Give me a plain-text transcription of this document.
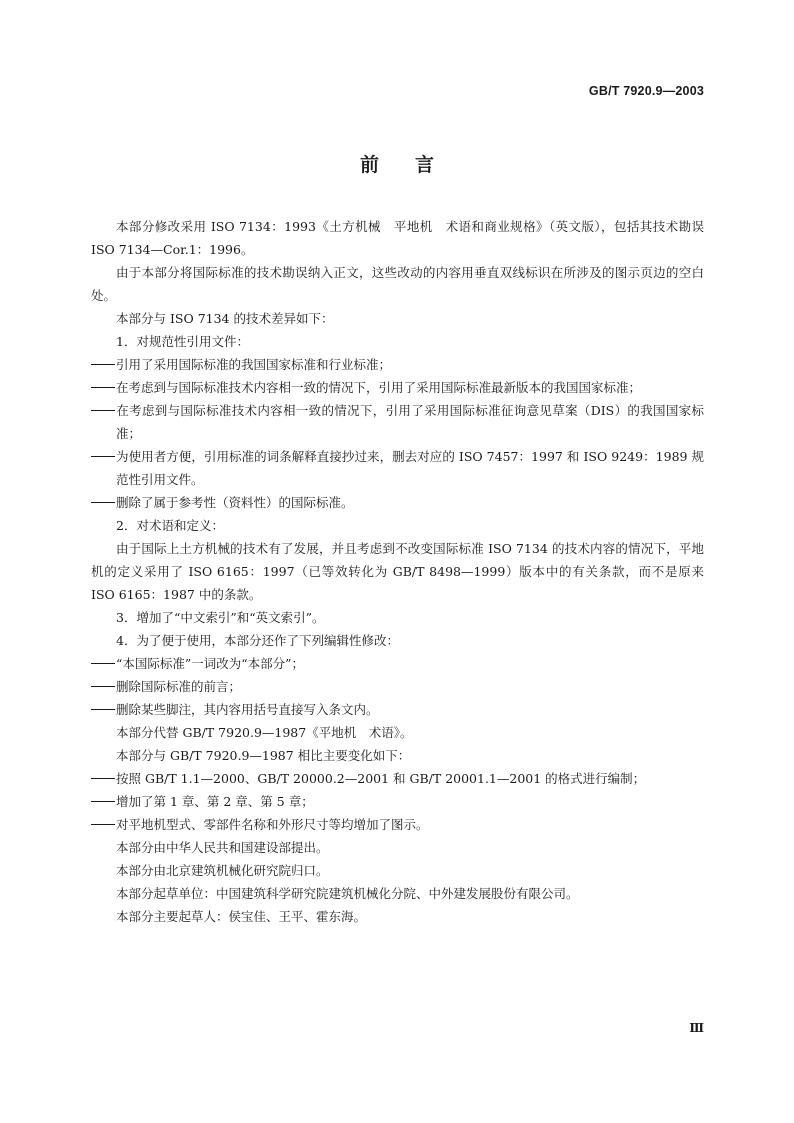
GB/T 7920.9—2003
前言

本部分修改采用 ISO 7134：1993《土方机械　平地机　术语和商业规格》（英文版），包括其技术勘误 ISO 7134—Cor.1：1996。

由于本部分将国际标准的技术勘误纳入正文，这些改动的内容用垂直双线标识在所涉及的图示页边的空白处。

本部分与 ISO 7134 的技术差异如下：

1．对规范性引用文件：

引用了采用国际标准的我国国家标准和行业标准；

在考虑到与国际标准技术内容相一致的情况下，引用了采用国际标准最新版本的我国国家标准；

在考虑到与国际标准技术内容相一致的情况下，引用了采用国际标准征询意见草案（DIS）的我国国家标准；

为使用者方便，引用标准的词条解释直接抄过来，删去对应的 ISO 7457：1997 和 ISO 9249：1989 规范性引用文件。

删除了属于参考性（资料性）的国际标准。

2．对术语和定义：

由于国际上土方机械的技术有了发展，并且考虑到不改变国际标准 ISO 7134 的技术内容的情况下，平地机的定义采用了 ISO 6165：1997（已等效转化为 GB/T 8498—1999）版本中的有关条款，而不是原来 ISO 6165：1987 中的条款。

3．增加了“中文索引”和“英文索引”。

4．为了便于使用，本部分还作了下列编辑性修改：

“本国际标准”一词改为“本部分”；

删除国际标准的前言；

删除某些脚注，其内容用括号直接写入条文内。

本部分代替 GB/T 7920.9—1987《平地机　术语》。

本部分与 GB/T 7920.9—1987 相比主要变化如下：

按照 GB/T 1.1—2000、GB/T 20000.2—2001 和 GB/T 20001.1—2001 的格式进行编制；

增加了第 1 章、第 2 章、第 5 章；

对平地机型式、零部件名称和外形尺寸等均增加了图示。

本部分由中华人民共和国建设部提出。

本部分由北京建筑机械化研究院归口。

本部分起草单位：中国建筑科学研究院建筑机械化分院、中外建发展股份有限公司。

本部分主要起草人：侯宝佳、王平、霍东海。

Ⅲ
